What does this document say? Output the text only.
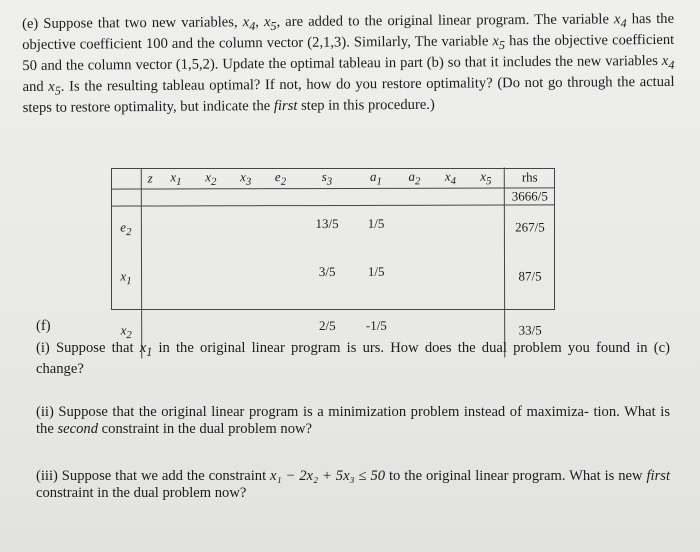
(e) Suppose that two new variables, $x_4$, $x_5$, are added to the original linear program. The variable $x_4$ has the objective coefficient 100 and the column vector (2,1,3). Similarly, The variable $x_5$ has the objective coefficient 50 and the column vector (1,5,2). Update the optimal tableau in part (b) so that it includes the new variables $x_4$ and $x_5$. Is the resulting tableau optimal? If not, how do you restore optimality? (Do not go through the actual steps to restore optimality, but indicate the first step in this procedure.)

	z	$x_1$	$x_2$	$x_3$	$e_2$	$s_3$	$a_1$	$a_2$	$x_4$	$x_5$	rhs
											3666/5
$e_2$						13/5	1/5				267/5
$x_1$						3/5	1/5				87/5
$x_2$						2/5	-1/5				33/5
(f)

(i) Suppose that $x_1$ in the original linear program is urs. How does the dual problem you found in (c) change?

(ii) Suppose that the original linear program is a minimization problem instead of maximiza- tion. What is the second constraint in the dual problem now?

(iii) Suppose that we add the constraint x₁ − 2x₂ + 5x₃ ≤ 50 to the original linear program. What is new first constraint in the dual problem now?
